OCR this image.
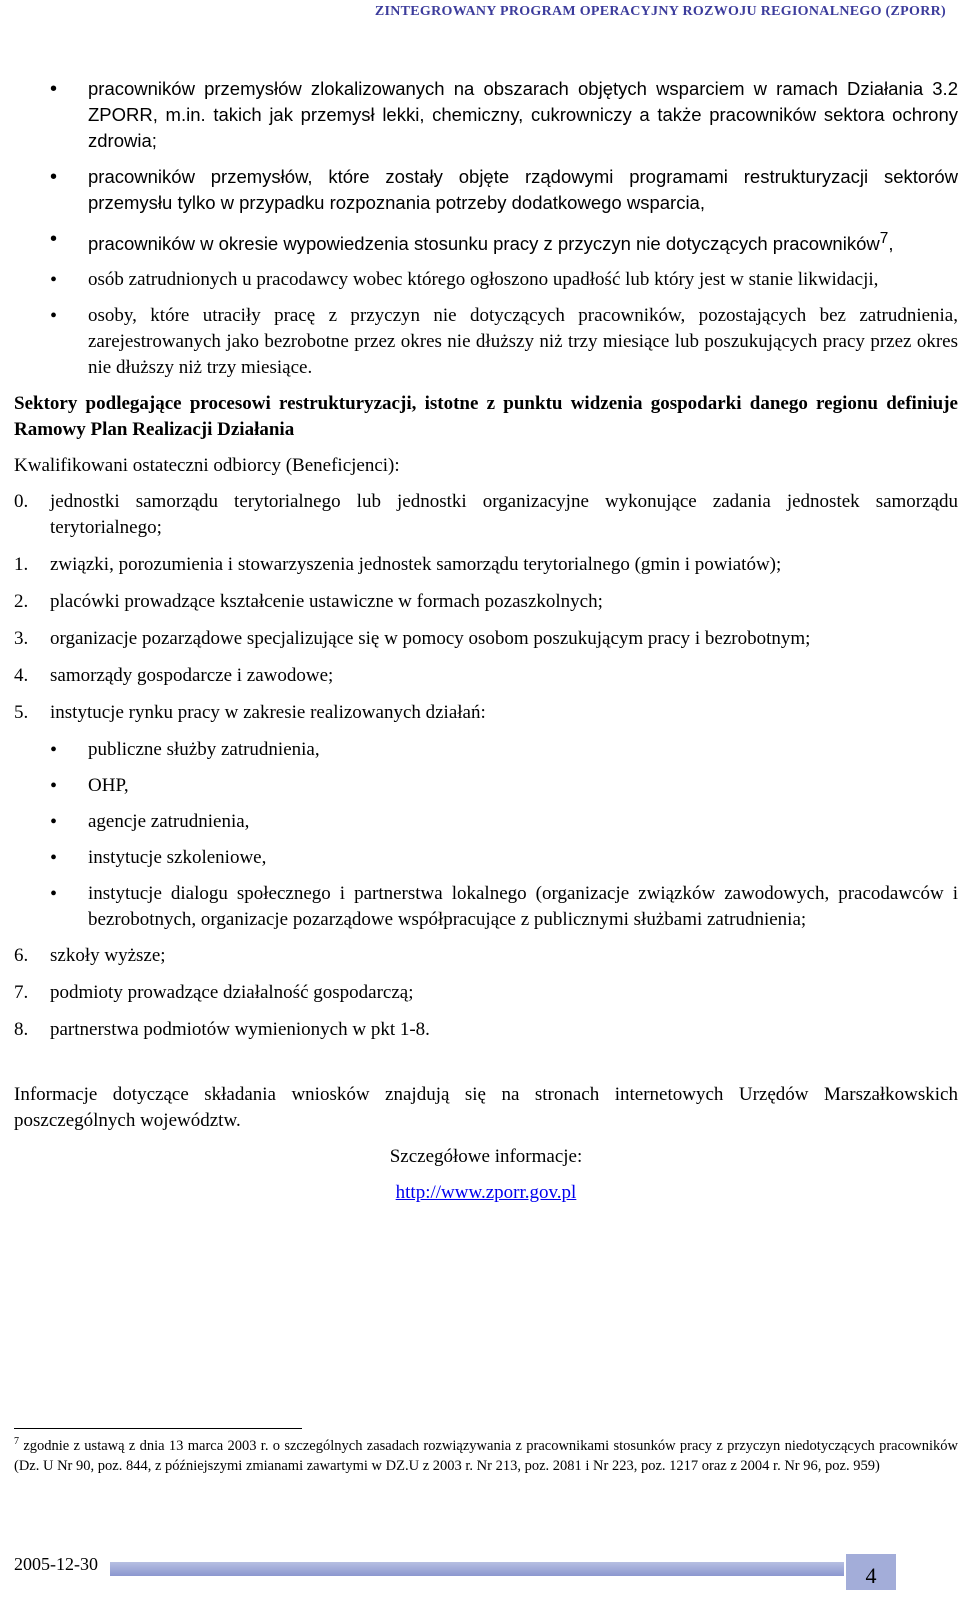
ZINTEGROWANY PROGRAM OPERACYJNY ROZWOJU REGIONALNEGO (ZPORR)
• pracowników przemysłów zlokalizowanych na obszarach objętych wsparciem w ramach Działania 3.2 ZPORR, m.in. takich jak przemysł lekki, chemiczny, cukrowniczy a także pracowników sektora ochrony zdrowia;
• pracowników przemysłów, które zostały objęte rządowymi programami restrukturyzacji sektorów przemysłu tylko w przypadku rozpoznania potrzeby dodatkowego wsparcia,
• pracowników w okresie wypowiedzenia stosunku pracy z przyczyn nie dotyczących pracowników$^7$,
• osób zatrudnionych u pracodawcy wobec którego ogłoszono upadłość lub który jest w stanie likwidacji,
• osoby, które utraciły pracę z przyczyn nie dotyczących pracowników, pozostających bez zatrudnienia, zarejestrowanych jako bezrobotne przez okres nie dłuższy niż trzy miesiące lub poszukujących pracy przez okres nie dłuższy niż trzy miesiące.
Sektory podlegające procesowi restrukturyzacji, istotne z punktu widzenia gospodarki danego regionu definiuje Ramowy Plan Realizacji Działania
Kwalifikowani ostateczni odbiorcy (Beneficjenci):
0. jednostki samorządu terytorialnego lub jednostki organizacyjne wykonujące zadania jednostek samorządu terytorialnego;
1. związki, porozumienia i stowarzyszenia jednostek samorządu terytorialnego (gmin i powiatów);
2. placówki prowadzące kształcenie ustawiczne w formach pozaszkolnych;
3. organizacje pozarządowe specjalizujące się w pomocy osobom poszukującym pracy i bezrobotnym;
4. samorządy gospodarcze i zawodowe;
5. instytucje rynku pracy w zakresie realizowanych działań:
• publiczne służby zatrudnienia,
• OHP,
• agencje zatrudnienia,
• instytucje szkoleniowe,
• instytucje dialogu społecznego i partnerstwa lokalnego (organizacje związków zawodowych, pracodawców i bezrobotnych, organizacje pozarządowe współpracujące z publicznymi służbami zatrudnienia;
6. szkoły wyższe;
7. podmioty prowadzące działalność gospodarczą;
8. partnerstwa podmiotów wymienionych w pkt 1-8.
Informacje dotyczące składania wniosków znajdują się na stronach internetowych Urzędów Marszałkowskich poszczególnych województw.
Szczegółowe informacje:
http://www.zporr.gov.pl
$^7$ zgodnie z ustawą z dnia 13 marca 2003 r. o szczególnych zasadach rozwiązywania z pracownikami stosunków pracy z przyczyn niedotyczących pracowników (Dz. U Nr 90, poz. 844, z późniejszymi zmianami zawartymi w DZ.U z 2003 r. Nr 213, poz. 2081 i Nr 223, poz. 1217 oraz z 2004 r. Nr 96, poz. 959)
2005-12-30	4
